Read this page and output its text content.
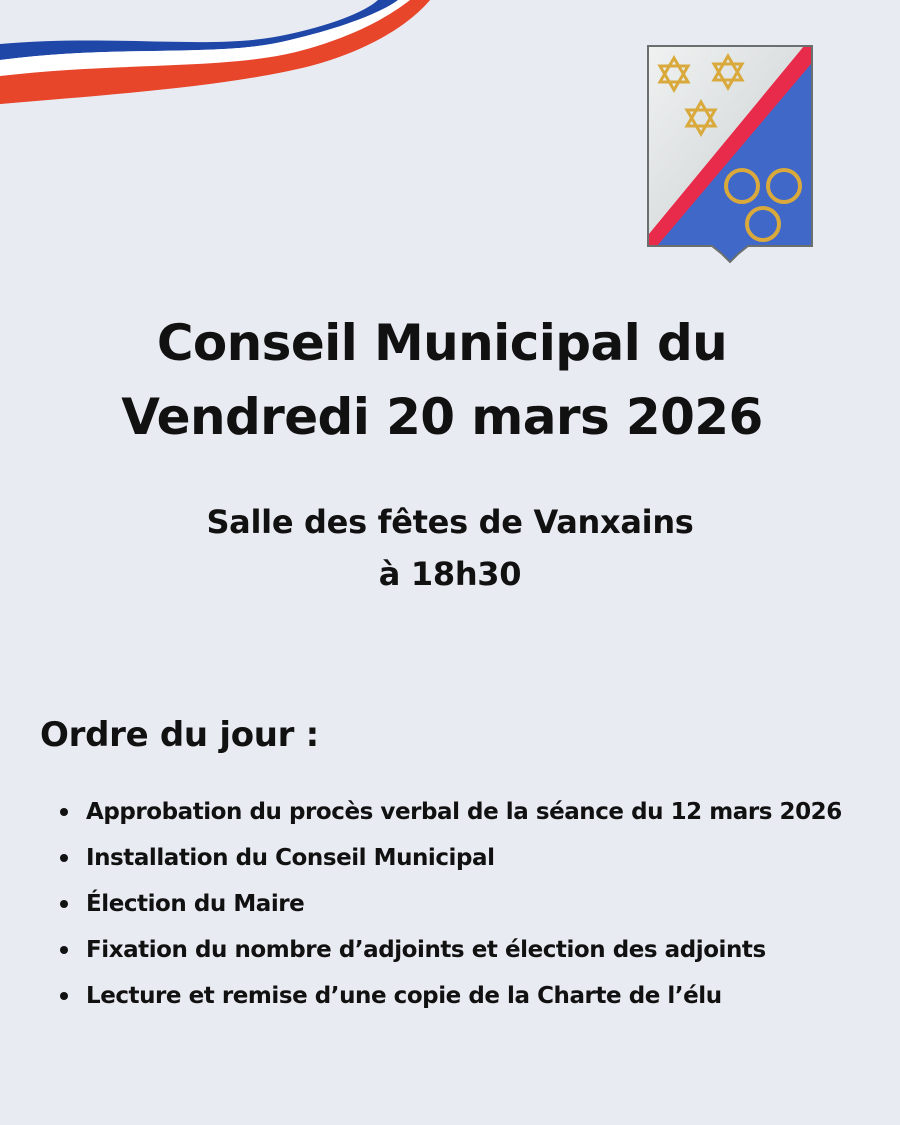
Conseil Municipal du
Vendredi 20 mars 2026
Salle des fêtes de Vanxains
à 18h30
Ordre du jour :
Approbation du procès verbal de la séance du 12 mars 2026
Installation du Conseil Municipal
Élection du Maire
Fixation du nombre d’adjoints et élection des adjoints
Lecture et remise d’une copie de la Charte de l’élu
